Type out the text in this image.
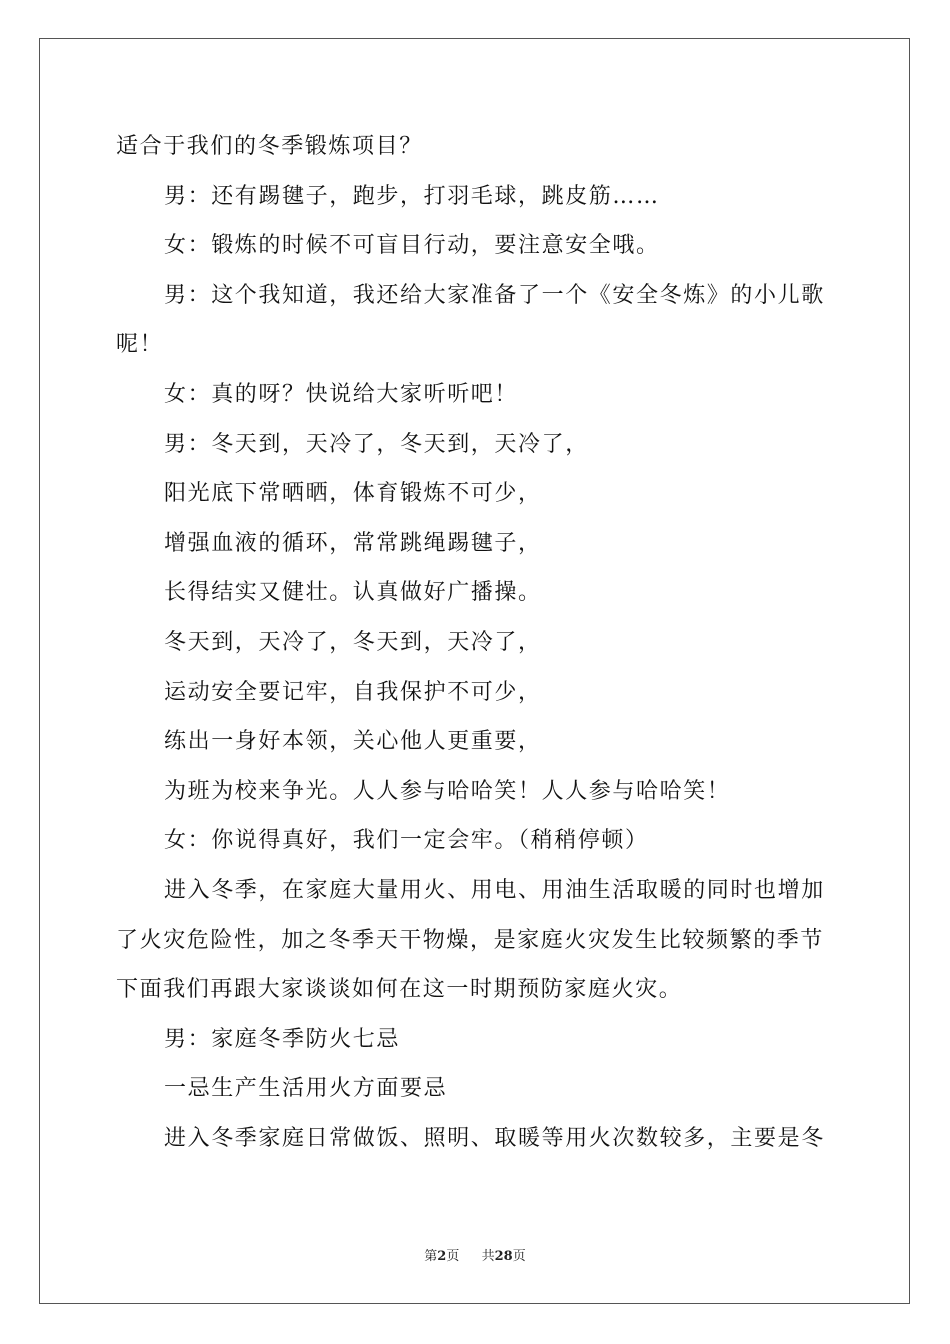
适合于我们的冬季锻炼项目？
男：还有踢毽子，跑步，打羽毛球，跳皮筋……
女：锻炼的时候不可盲目行动，要注意安全哦。
男：这个我知道，我还给大家准备了一个《安全冬炼》的小儿歌
呢！
女：真的呀？快说给大家听听吧！
男：冬天到，天冷了，冬天到，天冷了，
阳光底下常晒晒，体育锻炼不可少，
增强血液的循环，常常跳绳踢毽子，
长得结实又健壮。认真做好广播操。
冬天到，天冷了，冬天到，天冷了，
运动安全要记牢，自我保护不可少，
练出一身好本领，关心他人更重要，
为班为校来争光。人人参与哈哈笑！人人参与哈哈笑！
女：你说得真好，我们一定会牢。（稍稍停顿）
进入冬季，在家庭大量用火、用电、用油生活取暖的同时也增加
了火灾危险性，加之冬季天干物燥，是家庭火灾发生比较频繁的季节
下面我们再跟大家谈谈如何在这一时期预防家庭火灾。
男：家庭冬季防火七忌
一忌生产生活用火方面要忌
进入冬季家庭日常做饭、照明、取暖等用火次数较多，主要是冬
第2页 共28页
